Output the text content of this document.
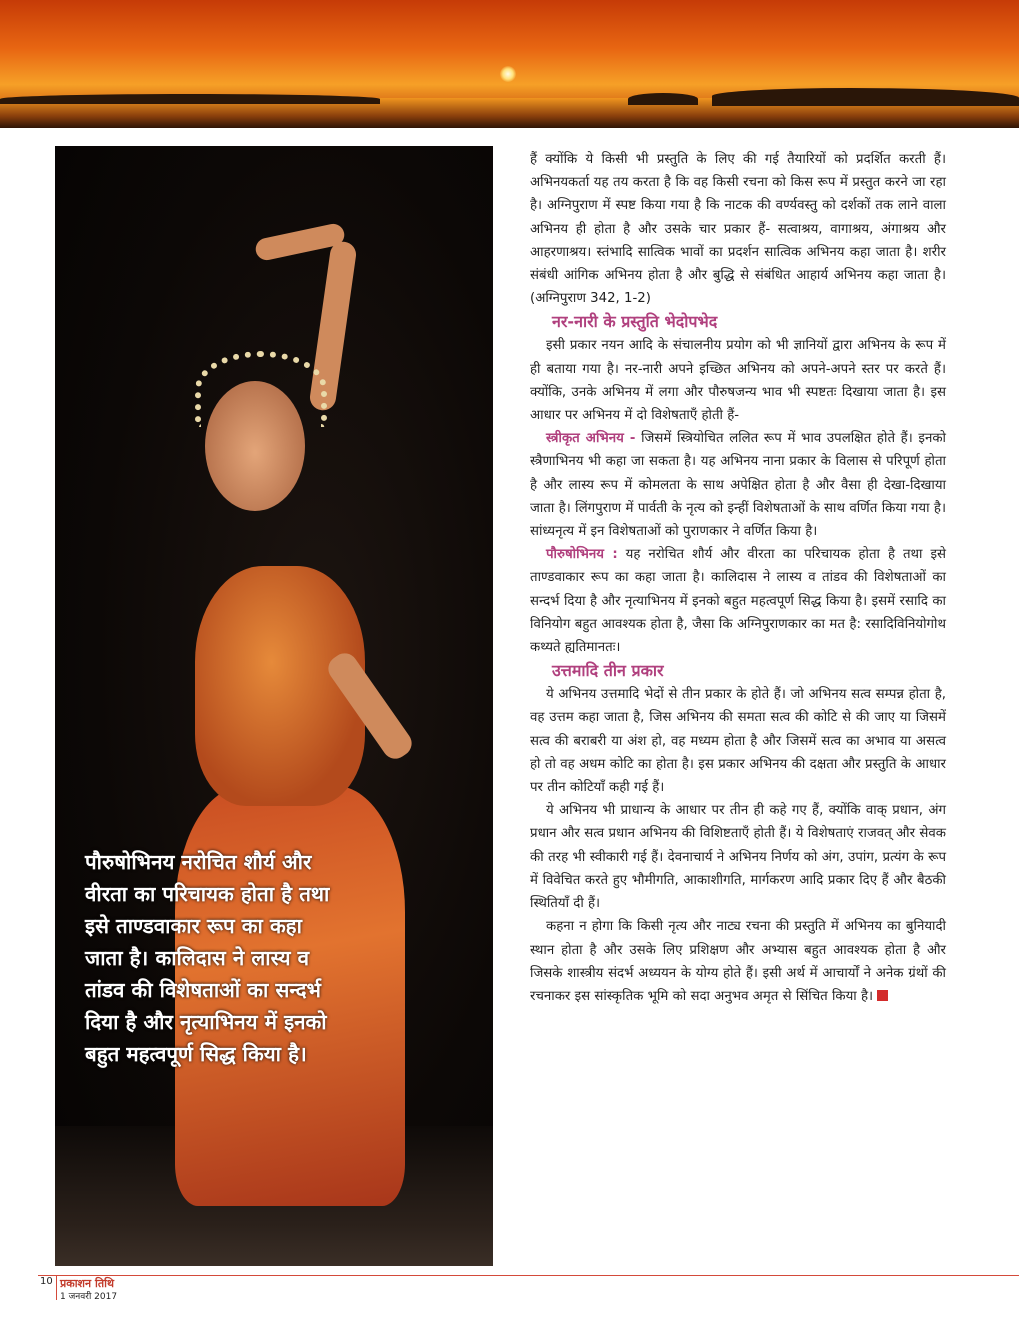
पौरुषोभिनय नरोचित शौर्य और वीरता का परिचायक होता है तथा इसे ताण्डवाकार रूप का कहा जाता है। कालिदास ने लास्य व तांडव की विशेषताओं का सन्दर्भ दिया है और नृत्याभिनय में इनको बहुत महत्वपूर्ण सिद्ध किया है।

हैं क्योंकि ये किसी भी प्रस्तुति के लिए की गई तैयारियों को प्रदर्शित करती हैं। अभिनयकर्ता यह तय करता है कि वह किसी रचना को किस रूप में प्रस्तुत करने जा रहा है। अग्निपुराण में स्पष्ट किया गया है कि नाटक की वर्ण्यवस्तु को दर्शकों तक लाने वाला अभिनय ही होता है और उसके चार प्रकार हैं- सत्वाश्रय, वागाश्रय, अंगाश्रय और आहरणाश्रय। स्तंभादि सात्विक भावों का प्रदर्शन सात्विक अभिनय कहा जाता है। शरीर संबंधी आंगिक अभिनय होता है और बुद्धि से संबंधित आहार्य अभिनय कहा जाता है। (अग्निपुराण 342, 1-2)

नर-नारी के प्रस्तुति भेदोपभेद

इसी प्रकार नयन आदि के संचालनीय प्रयोग को भी ज्ञानियों द्वारा अभिनय के रूप में ही बताया गया है। नर-नारी अपने इच्छित अभिनय को अपने-अपने स्तर पर करते हैं। क्योंकि, उनके अभिनय में लगा और पौरुषजन्य भाव भी स्पष्टतः दिखाया जाता है। इस आधार पर अभिनय में दो विशेषताएँ होती हैं-

स्त्रीकृत अभिनय - जिसमें स्त्रियोचित ललित रूप में भाव उपलक्षित होते हैं। इनको स्त्रैणाभिनय भी कहा जा सकता है। यह अभिनय नाना प्रकार के विलास से परिपूर्ण होता है और लास्य रूप में कोमलता के साथ अपेक्षित होता है और वैसा ही देखा-दिखाया जाता है। लिंगपुराण में पार्वती के नृत्य को इन्हीं विशेषताओं के साथ वर्णित किया गया है। सांध्यनृत्य में इन विशेषताओं को पुराणकार ने वर्णित किया है।

पौरुषोभिनय : यह नरोचित शौर्य और वीरता का परिचायक होता है तथा इसे ताण्डवाकार रूप का कहा जाता है। कालिदास ने लास्य व तांडव की विशेषताओं का सन्दर्भ दिया है और नृत्याभिनय में इनको बहुत महत्वपूर्ण सिद्ध किया है। इसमें रसादि का विनियोग बहुत आवश्यक होता है, जैसा कि अग्निपुराणकार का मत है: रसादिविनियोगोथ कथ्यते ह्यतिमानतः।

उत्तमादि तीन प्रकार

ये अभिनय उत्तमादि भेदों से तीन प्रकार के होते हैं। जो अभिनय सत्व सम्पन्न होता है, वह उत्तम कहा जाता है, जिस अभिनय की समता सत्व की कोटि से की जाए या जिसमें सत्व की बराबरी या अंश हो, वह मध्यम होता है और जिसमें सत्व का अभाव या असत्व हो तो वह अधम कोटि का होता है। इस प्रकार अभिनय की दक्षता और प्रस्तुति के आधार पर तीन कोटियाँ कही गई हैं।

ये अभिनय भी प्राधान्य के आधार पर तीन ही कहे गए हैं, क्योंकि वाक् प्रधान, अंग प्रधान और सत्व प्रधान अभिनय की विशिष्टताएँ होती हैं। ये विशेषताएं राजवत् और सेवक की तरह भी स्वीकारी गई हैं। देवनाचार्य ने अभिनय निर्णय को अंग, उपांग, प्रत्यंग के रूप में विवेचित करते हुए भौमीगति, आकाशीगति, मार्गकरण आदि प्रकार दिए हैं और बैठकी स्थितियाँ दी हैं।

कहना न होगा कि किसी नृत्य और नाट्य रचना की प्रस्तुति में अभिनय का बुनियादी स्थान होता है और उसके लिए प्रशिक्षण और अभ्यास बहुत आवश्यक होता है और जिसके शास्त्रीय संदर्भ अध्ययन के योग्य होते हैं। इसी अर्थ में आचार्यों ने अनेक ग्रंथों की रचनाकर इस सांस्कृतिक भूमि को सदा अनुभव अमृत से सिंचित किया है।

10 प्रकाशन तिथि
1 जनवरी 2017
